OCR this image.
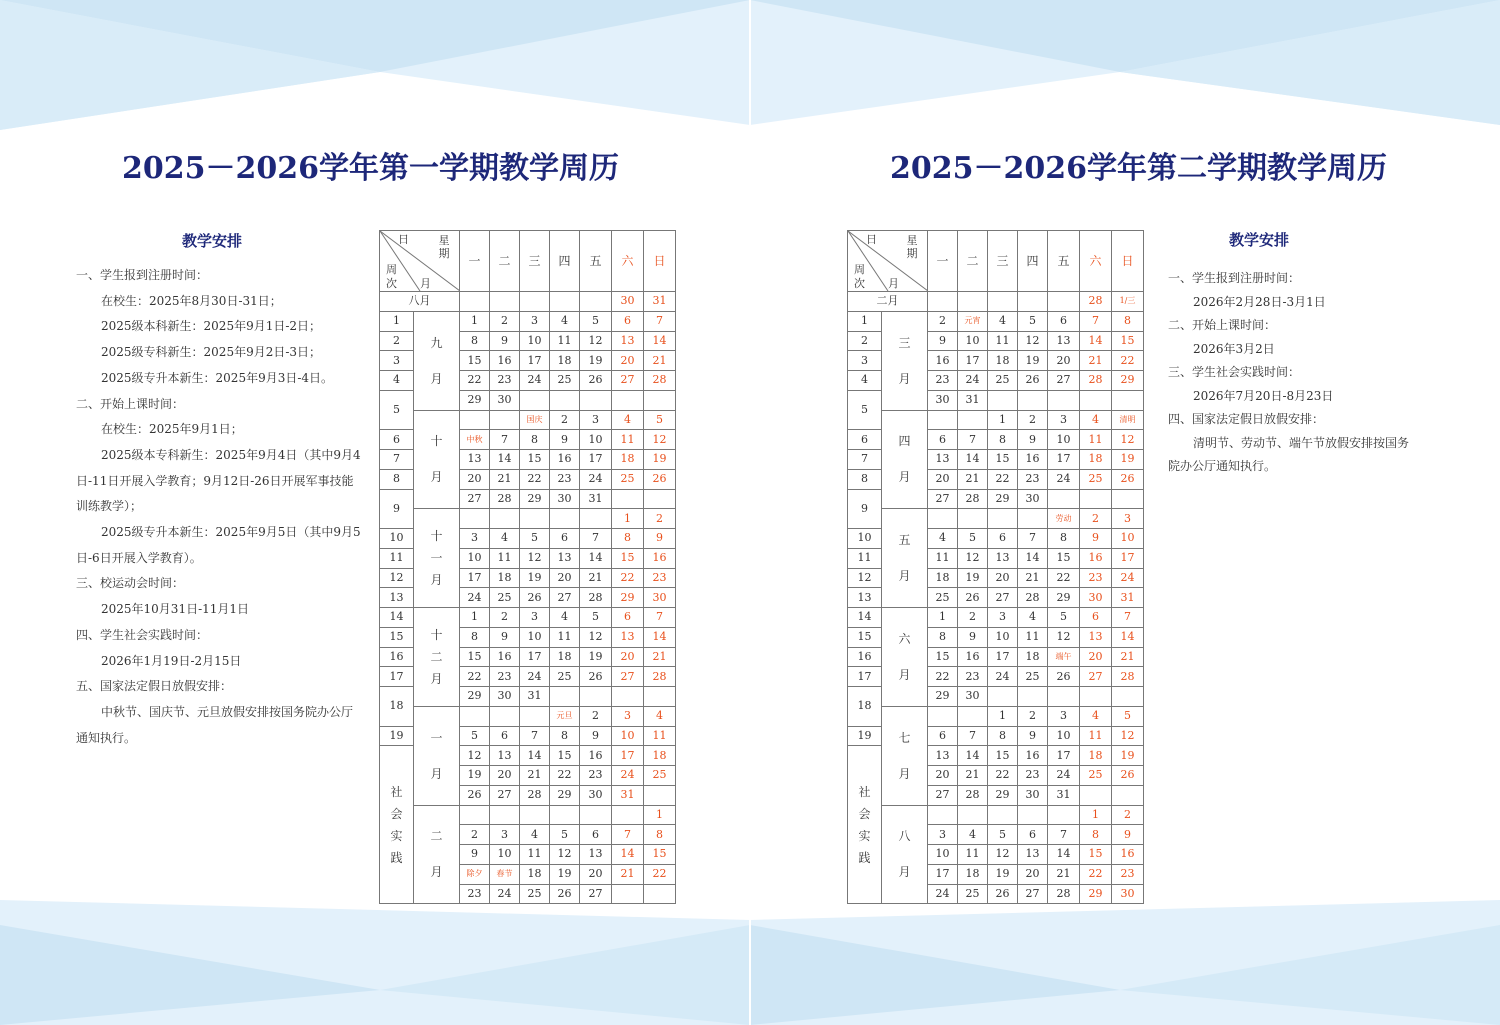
2025－2026学年第一学期教学周历	2025－2026学年第二学期教学周历
教学安排
一、学生报到注册时间：
在校生：2025年8月30日-31日；
2025级本科新生：2025年9月1日-2日；
2025级专科新生：2025年9月2日-3日；
2025级专升本新生：2025年9月3日-4日。
二、开始上课时间：
在校生：2025年9月1日；
2025级本专科新生：2025年9月4日（其中9月4日-11日开展入学教育；9月12日-26日开展军事技能训练教学）；
2025级专升本新生：2025年9月5日（其中9月5日-6日开展入学教育）。
三、校运动会时间：
2025年10月31日-11月1日
四、学生社会实践时间：
2026年1月19日-2月15日
五、国家法定假日放假安排：
中秋节、国庆节、元旦放假安排按国务院办公厅通知执行。
教学安排
一、学生报到注册时间：
2026年2月28日-3月1日
二、开始上课时间：
2026年3月2日
三、学生社会实践时间：
2026年7月20日-8月23日
四、国家法定假日放假安排：
清明节、劳动节、端午节放假安排按国务院办公厅通知执行。
日 星期
周
次 月		一	二	三	四	五	六	日
八月							30	31
1	九月	1	2	3	4	5	6	7
2		8	9	10	11	12	13	14
3		15	16	17	18	19	20	21
4		22	23	24	25	26	27	28
5		29	30					

	十月			国庆	2	3	4	5
6		中秋	7	8	9	10	11	12
7		13	14	15	16	17	18	19
8		20	21	22	23	24	25	26
9		27	28	29	30	31		

	十一月						1	2
10		3	4	5	6	7	8	9
11		10	11	12	13	14	15	16
12		17	18	19	20	21	22	23
13		24	25	26	27	28	29	30
14	十二月	1	2	3	4	5	6	7
15		8	9	10	11	12	13	14
16		15	16	17	18	19	20	21
17		22	23	24	25	26	27	28
18		29	30	31				

	一月				元旦	2	3	4
19		5	6	7	8	9	10	11

社会实践		12	13	14	15	16	17	18
		19	20	21	22	23	24	25
		26	27	28	29	30	31	

	二月							1
		2	3	4	5	6	7	8
		9	10	11	12	13	14	15
		除夕	春节	18	19	20	21	22
		23	24	25	26	27		
日 星期
周
次 月		一	二	三	四	五	六	日
二月							28	1/三
1	三月	2	元宵	4	5	6	7	8
2		9	10	11	12	13	14	15
3		16	17	18	19	20	21	22
4		23	24	25	26	27	28	29
5		30	31					

	四月			1	2	3	4	清明
6		6	7	8	9	10	11	12
7		13	14	15	16	17	18	19
8		20	21	22	23	24	25	26
9		27	28	29	30			

	五月					劳动	2	3
10		4	5	6	7	8	9	10
11		11	12	13	14	15	16	17
12		18	19	20	21	22	23	24
13		25	26	27	28	29	30	31
14	六月	1	2	3	4	5	6	7
15		8	9	10	11	12	13	14
16		15	16	17	18	端午	20	21
17		22	23	24	25	26	27	28
18		29	30					

	七月			1	2	3	4	5
19		6	7	8	9	10	11	12

社会实践		13	14	15	16	17	18	19
		20	21	22	23	24	25	26
		27	28	29	30	31		

	八月						1	2
		3	4	5	6	7	8	9
		10	11	12	13	14	15	16
		17	18	19	20	21	22	23
		24	25	26	27	28	29	30
